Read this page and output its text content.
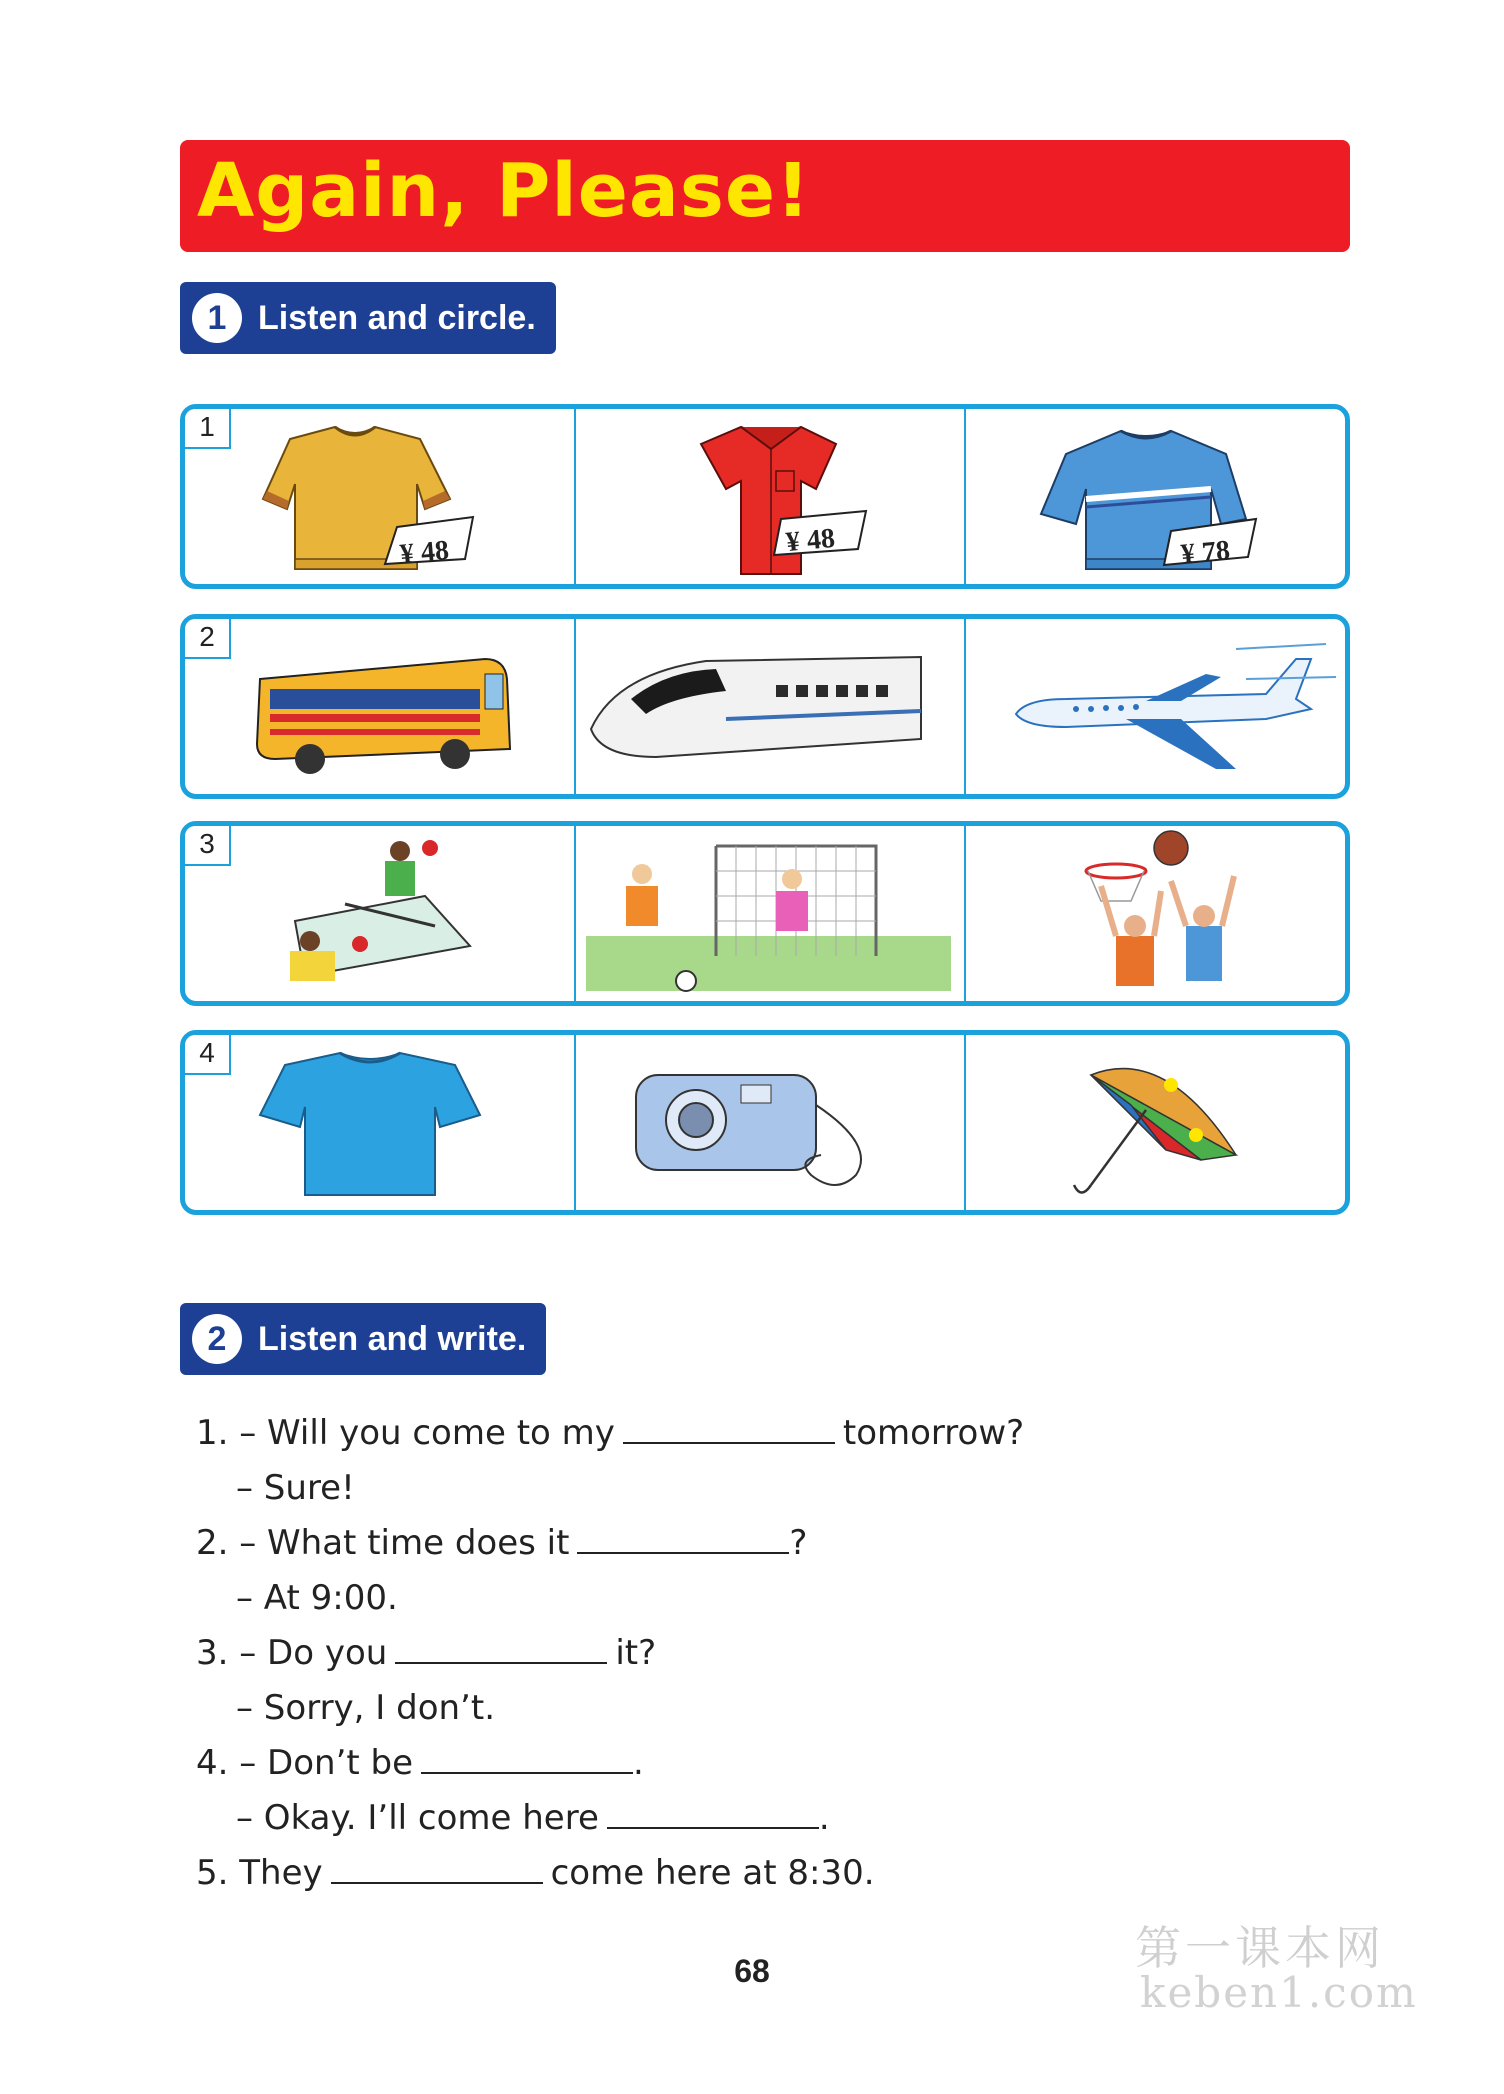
Again, Please!
1 Listen and circle.
1
¥ 48	¥ 48	¥ 78
2
3
4
2 Listen and write.
1. – Will you come to my	tomorrow?
– Sure!
2. – What time does it	?
– At 9:00.
3. – Do you	it?
– Sorry, I don’t.
4. – Don’t be	.
– Okay. I’ll come here	.
5. They	come here at 8:30.
68	第一课本网
keben1.com
